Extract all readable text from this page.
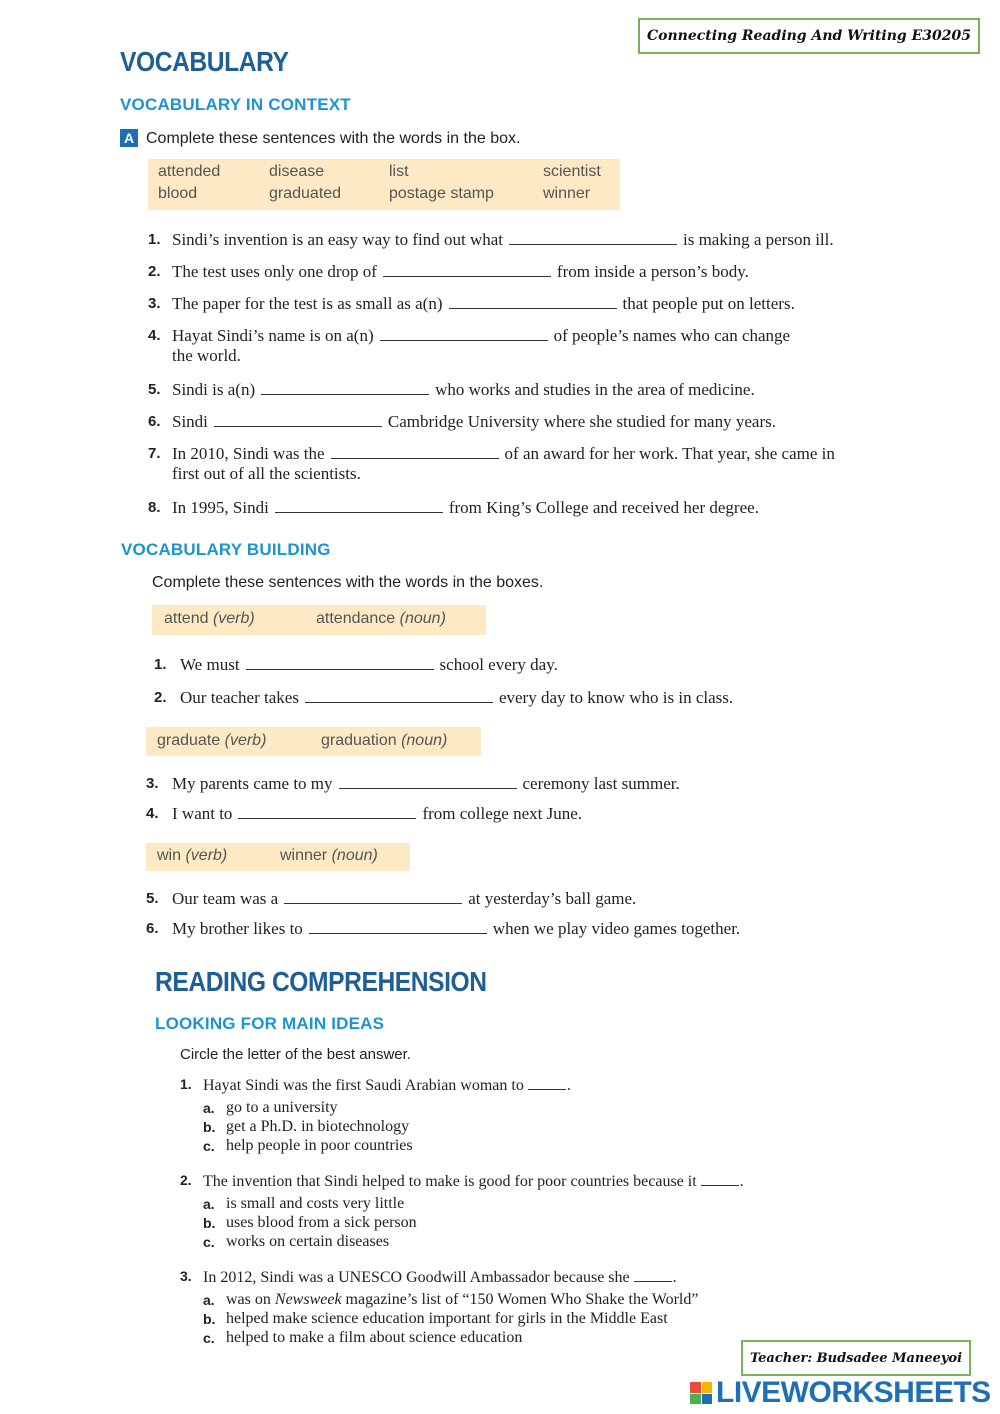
Connecting Reading And Writing E30205
VOCABULARY
VOCABULARY IN CONTEXT
A Complete these sentences with the words in the box.
attended	disease	list	scientist
blood	graduated	postage stamp	winner
1. Sindi’s invention is an easy way to find out what	is making a person ill.
2. The test uses only one drop of	from inside a person’s body.
3. The paper for the test is as small as a(n)	that people put on letters.
4. Hayat Sindi’s name is on a(n)	of people’s names who can change
the world.
5. Sindi is a(n)	who works and studies in the area of medicine.
6. Sindi	Cambridge University where she studied for many years.
7. In 2010, Sindi was the	of an award for her work. That year, she came in
first out of all the scientists.
8. In 1995, Sindi	from King’s College and received her degree.
VOCABULARY BUILDING
Complete these sentences with the words in the boxes.
attend (verb)	attendance (noun)
1. We must	school every day.
2. Our teacher takes	every day to know who is in class.
graduate (verb)	graduation (noun)
3. My parents came to my	ceremony last summer.
4. I want to	from college next June.
win (verb)	winner (noun)
5. Our team was a	at yesterday’s ball game.
6. My brother likes to	when we play video games together.
READING COMPREHENSION
LOOKING FOR MAIN IDEAS
Circle the letter of the best answer.
1. Hayat Sindi was the first Saudi Arabian woman to	.
a. go to a university
b. get a Ph.D. in biotechnology
c. help people in poor countries
2. The invention that Sindi helped to make is good for poor countries because it	.
a. is small and costs very little
b. uses blood from a sick person
c. works on certain diseases
3. In 2012, Sindi was a UNESCO Goodwill Ambassador because she	.
a. was on Newsweek magazine’s list of “150 Women Who Shake the World”
b. helped make science education important for girls in the Middle East
c. helped to make a film about science education
Teacher: Budsadee Maneeyoi
LIVEWORKSHEETS
